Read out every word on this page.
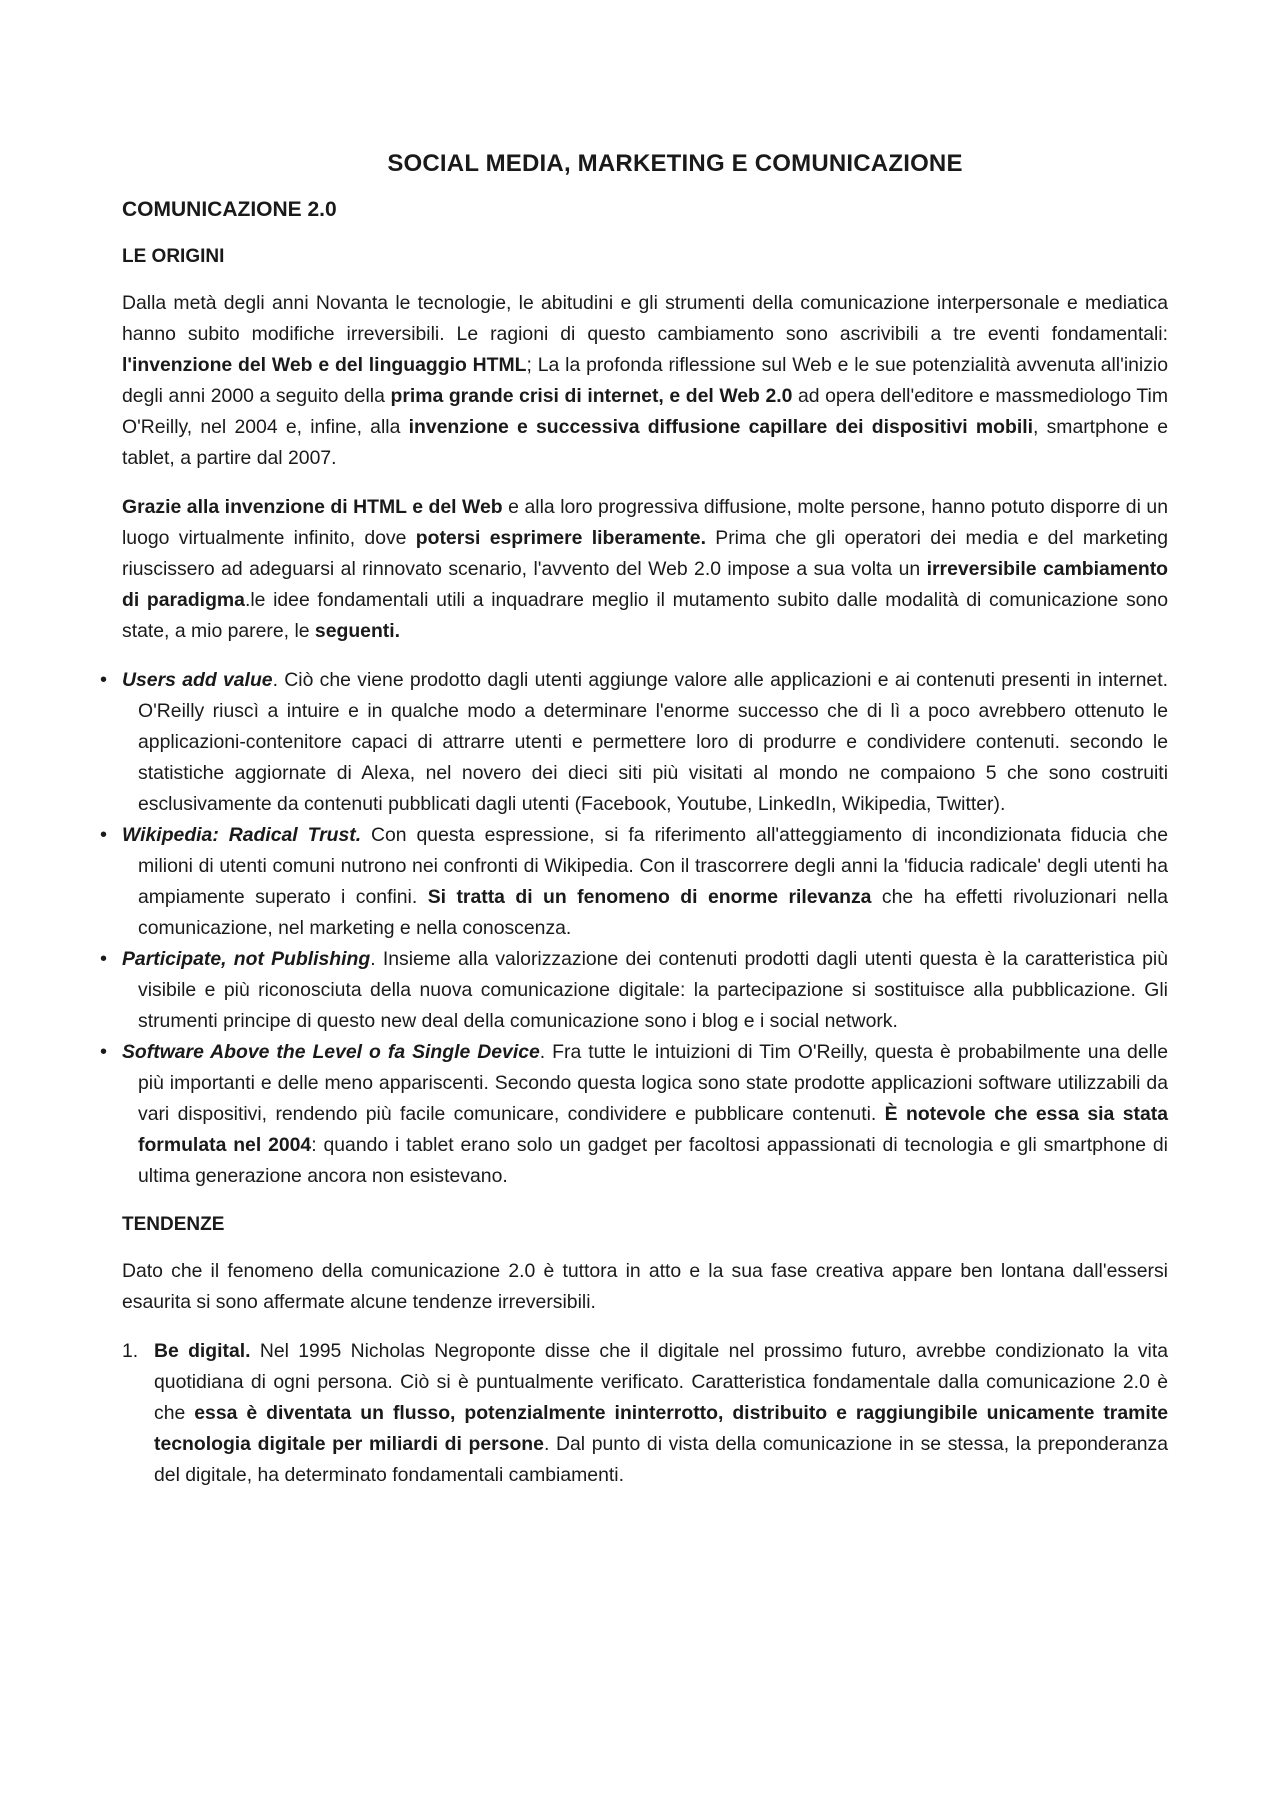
SOCIAL MEDIA, MARKETING E COMUNICAZIONE
COMUNICAZIONE 2.0
LE ORIGINI

Dalla metà degli anni Novanta le tecnologie, le abitudini e gli strumenti della comunicazione interpersonale e mediatica hanno subito modifiche irreversibili. Le ragioni di questo cambiamento sono ascrivibili a tre eventi fondamentali: l'invenzione del Web e del linguaggio HTML; La la profonda riflessione sul Web e le sue potenzialità avvenuta all'inizio degli anni 2000 a seguito della prima grande crisi di internet, e del Web 2.0 ad opera dell'editore e massmediologo Tim O'Reilly, nel 2004 e, infine, alla invenzione e successiva diffusione capillare dei dispositivi mobili, smartphone e tablet, a partire dal 2007.

Grazie alla invenzione di HTML e del Web e alla loro progressiva diffusione, molte persone, hanno potuto disporre di un luogo virtualmente infinito, dove potersi esprimere liberamente. Prima che gli operatori dei media e del marketing riuscissero ad adeguarsi al rinnovato scenario, l'avvento del Web 2.0 impose a sua volta un irreversibile cambiamento di paradigma.le idee fondamentali utili a inquadrare meglio il mutamento subito dalle modalità di comunicazione sono state, a mio parere, le seguenti.

• Users add value. Ciò che viene prodotto dagli utenti aggiunge valore alle applicazioni e ai contenuti presenti in internet. O'Reilly riuscì a intuire e in qualche modo a determinare l'enorme successo che di lì a poco avrebbero ottenuto le applicazioni-contenitore capaci di attrarre utenti e permettere loro di produrre e condividere contenuti. secondo le statistiche aggiornate di Alexa, nel novero dei dieci siti più visitati al mondo ne compaiono 5 che sono costruiti esclusivamente da contenuti pubblicati dagli utenti (Facebook, Youtube, LinkedIn, Wikipedia, Twitter).
• Wikipedia: Radical Trust. Con questa espressione, si fa riferimento all'atteggiamento di incondizionata fiducia che milioni di utenti comuni nutrono nei confronti di Wikipedia. Con il trascorrere degli anni la 'fiducia radicale' degli utenti ha ampiamente superato i confini. Si tratta di un fenomeno di enorme rilevanza che ha effetti rivoluzionari nella comunicazione, nel marketing e nella conoscenza.
• Participate, not Publishing. Insieme alla valorizzazione dei contenuti prodotti dagli utenti questa è la caratteristica più visibile e più riconosciuta della nuova comunicazione digitale: la partecipazione si sostituisce alla pubblicazione. Gli strumenti principe di questo new deal della comunicazione sono i blog e i social network.
• Software Above the Level o fa Single Device. Fra tutte le intuizioni di Tim O'Reilly, questa è probabilmente una delle più importanti e delle meno appariscenti. Secondo questa logica sono state prodotte applicazioni software utilizzabili da vari dispositivi, rendendo più facile comunicare, condividere e pubblicare contenuti. È notevole che essa sia stata formulata nel 2004: quando i tablet erano solo un gadget per facoltosi appassionati di tecnologia e gli smartphone di ultima generazione ancora non esistevano.
TENDENZE

Dato che il fenomeno della comunicazione 2.0 è tuttora in atto e la sua fase creativa appare ben lontana dall'essersi esaurita si sono affermate alcune tendenze irreversibili.

1. Be digital. Nel 1995 Nicholas Negroponte disse che il digitale nel prossimo futuro, avrebbe condizionato la vita quotidiana di ogni persona. Ciò si è puntualmente verificato. Caratteristica fondamentale dalla comunicazione 2.0 è che essa è diventata un flusso, potenzialmente ininterrotto, distribuito e raggiungibile unicamente tramite tecnologia digitale per miliardi di persone. Dal punto di vista della comunicazione in se stessa, la preponderanza del digitale, ha determinato fondamentali cambiamenti.
